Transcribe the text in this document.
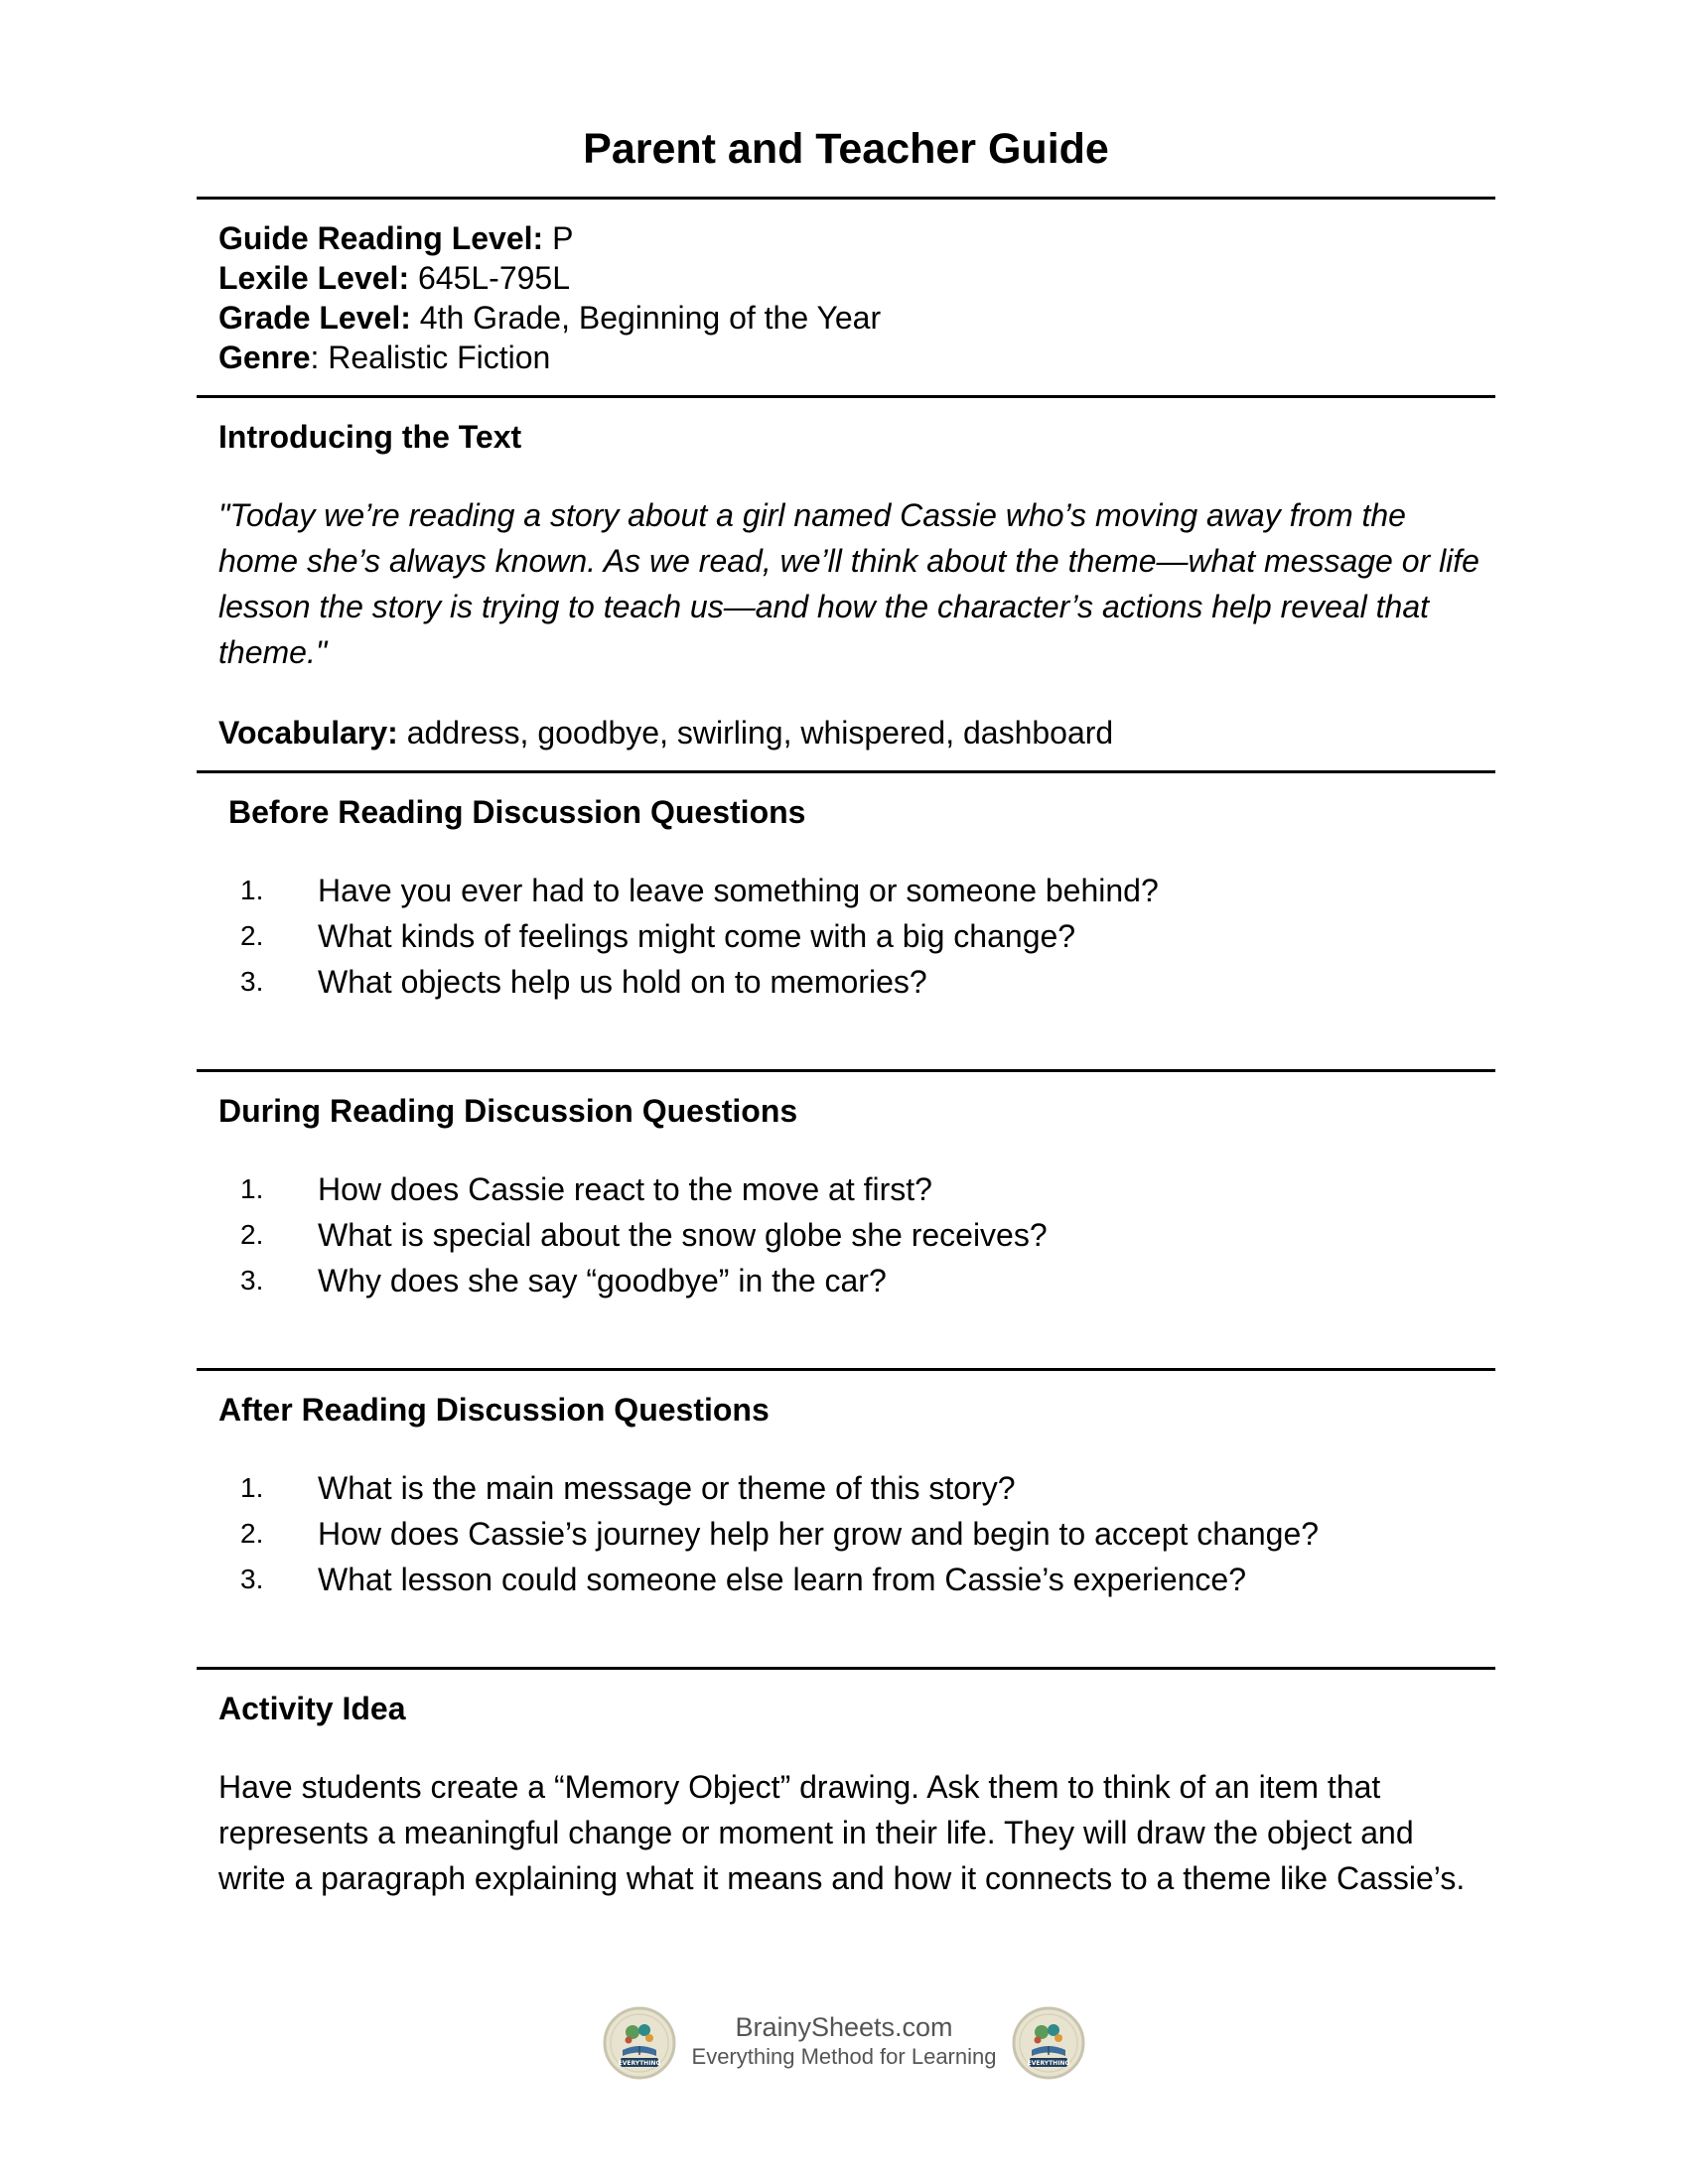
Parent and Teacher Guide
Guide Reading Level: P
Lexile Level: 645L-795L
Grade Level: 4th Grade, Beginning of the Year
Genre: Realistic Fiction
Introducing the Text
"Today we’re reading a story about a girl named Cassie who’s moving away from the home she’s always known. As we read, we’ll think about the theme—what message or life lesson the story is trying to teach us—and how the character’s actions help reveal that theme."
Vocabulary: address, goodbye, swirling, whispered, dashboard
Before Reading Discussion Questions
1. Have you ever had to leave something or someone behind?
2. What kinds of feelings might come with a big change?
3. What objects help us hold on to memories?
During Reading Discussion Questions
1. How does Cassie react to the move at first?
2. What is special about the snow globe she receives?
3. Why does she say “goodbye” in the car?
After Reading Discussion Questions
1. What is the main message or theme of this story?
2. How does Cassie’s journey help her grow and begin to accept change?
3. What lesson could someone else learn from Cassie’s experience?
Activity Idea
Have students create a “Memory Object” drawing. Ask them to think of an item that represents a meaningful change or moment in their life. They will draw the object and write a paragraph explaining what it means and how it connects to a theme like Cassie’s.
EVERYTHING
BrainySheets.com
Everything Method for Learning	EVERYTHING
